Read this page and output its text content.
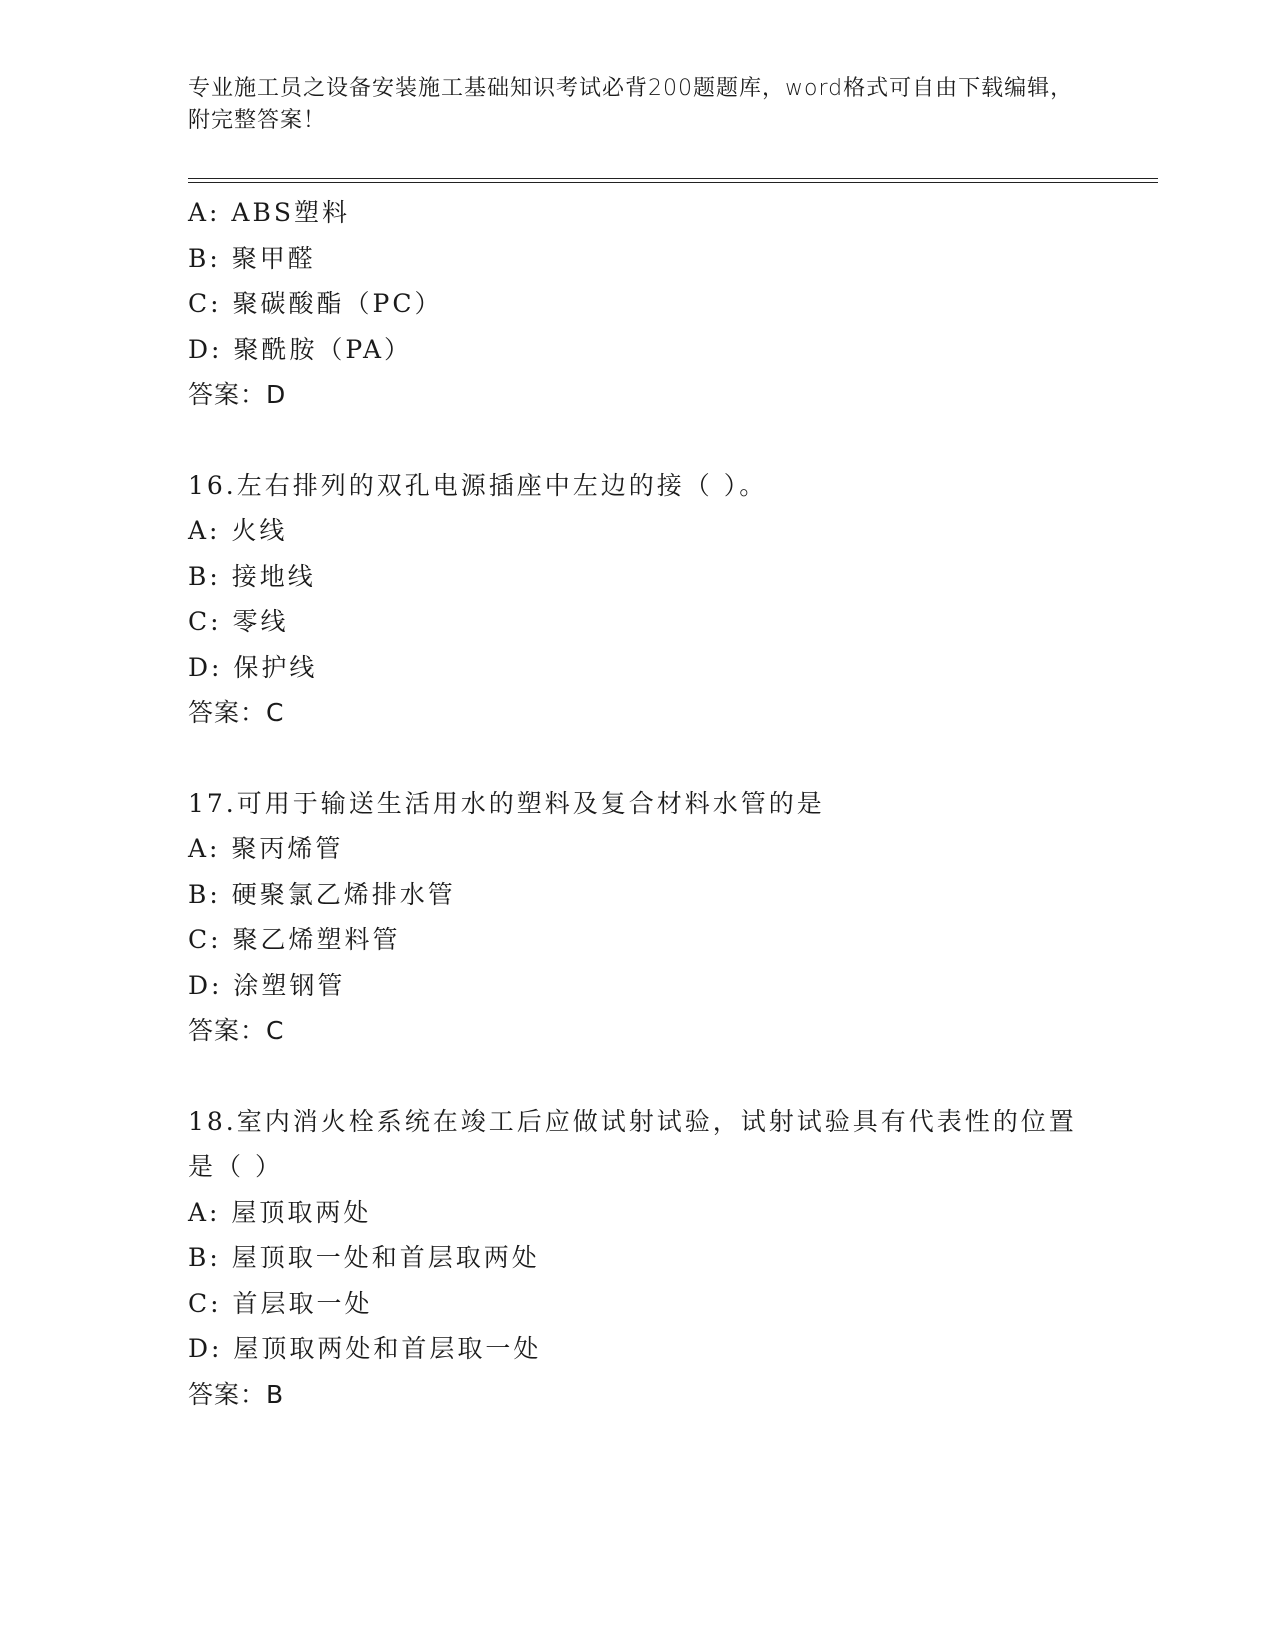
专业施工员之设备安装施工基础知识考试必背200题题库，word格式可自由下载编辑，附完整答案！
A: ABS塑料
B: 聚甲醛
C: 聚碳酸酯（PC）
D: 聚酰胺（PA）
答案：D
16.左右排列的双孔电源插座中左边的接（ ）。
A: 火线
B: 接地线
C: 零线
D: 保护线
答案：C
17.可用于输送生活用水的塑料及复合材料水管的是
A: 聚丙烯管
B: 硬聚氯乙烯排水管
C: 聚乙烯塑料管
D: 涂塑钢管
答案：C
18.室内消火栓系统在竣工后应做试射试验，试射试验具有代表性的位置是（ ）
A: 屋顶取两处
B: 屋顶取一处和首层取两处
C: 首层取一处
D: 屋顶取两处和首层取一处
答案：B
